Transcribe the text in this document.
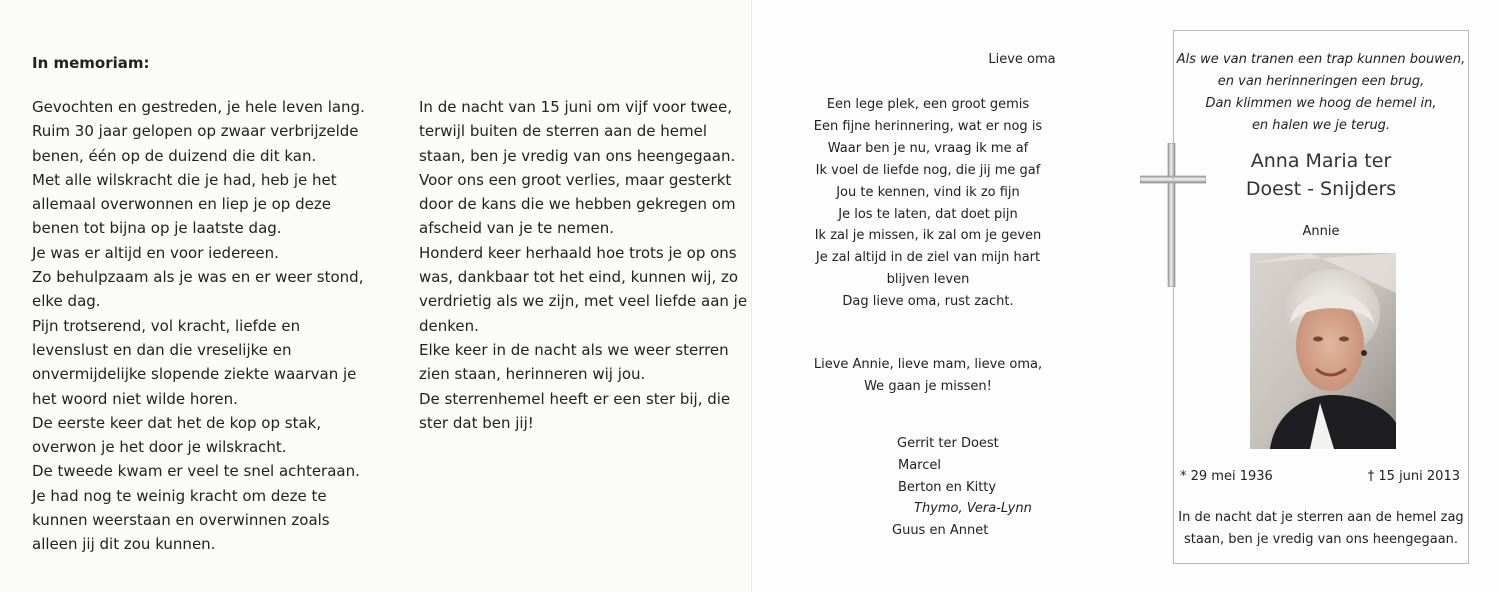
In memoriam:
Gevochten en gestreden, je hele leven lang.
Ruim 30 jaar gelopen op zwaar verbrijzelde
benen, één op de duizend die dit kan.
Met alle wilskracht die je had, heb je het
allemaal overwonnen en liep je op deze
benen tot bijna op je laatste dag.
Je was er altijd en voor iedereen.
Zo behulpzaam als je was en er weer stond,
elke dag.
Pijn trotserend, vol kracht, liefde en
levenslust en dan die vreselijke en
onvermijdelijke slopende ziekte waarvan je
het woord niet wilde horen.
De eerste keer dat het de kop op stak,
overwon je het door je wilskracht.
De tweede kwam er veel te snel achteraan.
Je had nog te weinig kracht om deze te
kunnen weerstaan en overwinnen zoals
alleen jij dit zou kunnen.
In de nacht van 15 juni om vijf voor twee,
terwijl buiten de sterren aan de hemel
staan, ben je vredig van ons heengegaan.
Voor ons een groot verlies, maar gesterkt
door de kans die we hebben gekregen om
afscheid van je te nemen.
Honderd keer herhaald hoe trots je op ons
was, dankbaar tot het eind, kunnen wij, zo
verdrietig als we zijn, met veel liefde aan je
denken.
Elke keer in de nacht als we weer sterren
zien staan, herinneren wij jou.
De sterrenhemel heeft er een ster bij, die
ster dat ben jij!
Lieve oma
Een lege plek, een groot gemis
Een fijne herinnering, wat er nog is
Waar ben je nu, vraag ik me af
Ik voel de liefde nog, die jij me gaf
Jou te kennen, vind ik zo fijn
Je los te laten, dat doet pijn
Ik zal je missen, ik zal om je geven
Je zal altijd in de ziel van mijn hart
blijven leven
Dag lieve oma, rust zacht.
Lieve Annie, lieve mam, lieve oma,
We gaan je missen!
Gerrit ter Doest
Marcel
Berton en Kitty
Thymo, Vera-Lynn
Guus en Annet
Als we van tranen een trap kunnen bouwen,
en van herinneringen een brug,
Dan klimmen we hoog de hemel in,
en halen we je terug.
Anna Maria ter
Doest - Snijders
Annie
* 29 mei 1936	† 15 juni 2013
In de nacht dat je sterren aan de hemel zag
staan, ben je vredig van ons heengegaan.
